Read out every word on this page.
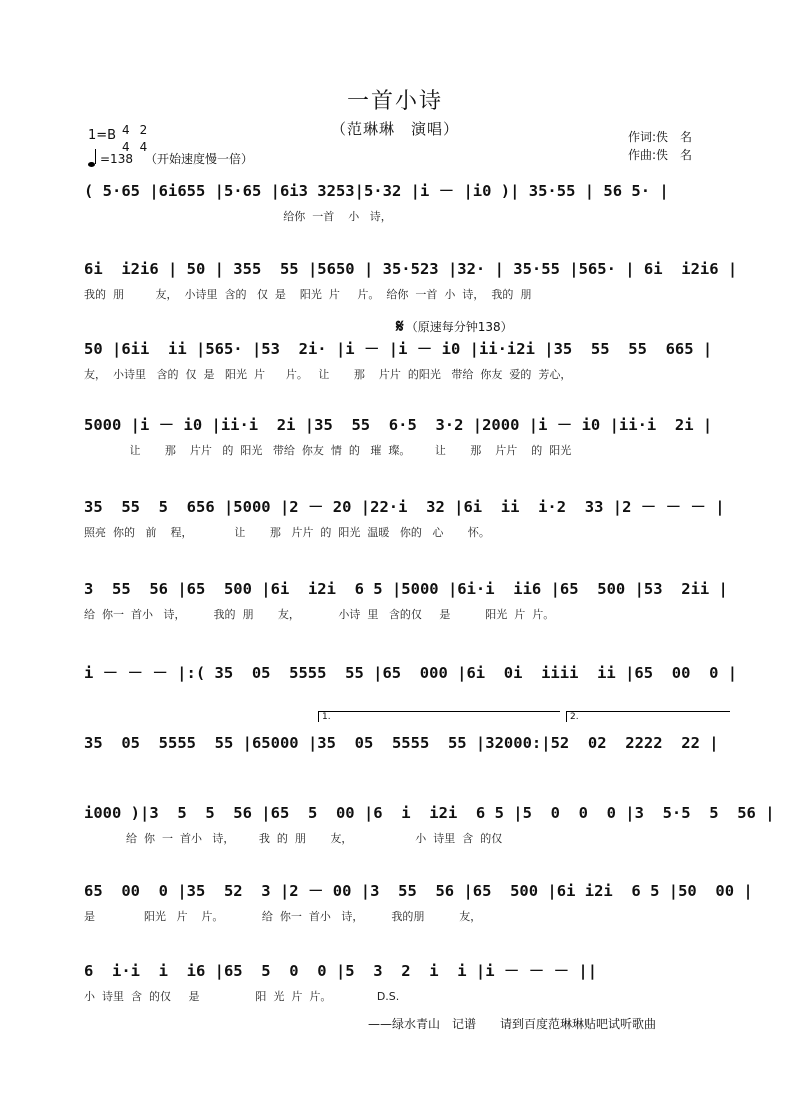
一首小诗
（范琳琳　演唱）
1=B 4
4
2
4
=138 （开始速度慢一倍）
作词:佚　名
作曲:佚　名
𝄋 （原速每分钟138）
( 5·65 |6i655 |5·65 |6i3 3253|5·32 |i － |i0 )| 35·55 | 56 5· |
给你  一首    小   诗，
6i  i2i6 | 50 | 355  55 |5650 | 35·523 |32· | 35·55 |565· | 6i  i2i6 |
我的  朋         友，  小诗里  含的   仅  是    阳光  片     片。  给你  一首  小  诗，  我的  朋
50 |6ii  ii |565· |53  2i· |i － |i － i0 |ii·i2i |35  55  55  665 |
友，  小诗里   含的  仅  是   阳光  片      片。   让       那    片片  的阳光   带给  你友  爱的  芳心，
5000 |i － i0 |ii·i  2i |35  55  6·5  3·2 |2000 |i － i0 |ii·i  2i |
让       那    片片   的  阳光   带给  你友  情  的   璀  璨。       让       那    片片    的  阳光
35  55  5  656 |5000 |2 － 20 |22·i  32 |6i  ii  i·2  33 |2 － － － |
照亮  你的   前    程，            让       那   片片  的  阳光  温暖   你的   心       怀。
3  55  56 |65  500 |6i  i2i  6 5 |5000 |6i·i  ii6 |65  500 |53  2ii |
给  你一  首小   诗，        我的  朋       友，           小诗  里   含的仅     是          阳光  片  片。
i － － － |:( 35  05  5555  55 |65  000 |6i  0i  iiii  ii |65  00  0 |
1.	2.
35  05  5555  55 |65000 |35  05  5555  55 |32000:|52  02  2222  22 |
i000 )|3  5  5  56 |65  5  00 |6  i  i2i  6 5 |5  0  0  0 |3  5·5  5  56 |
给  你  一  首小   诗，       我  的  朋       友，                  小  诗里  含  的仅
65  00  0 |35  52  3 |2 － 00 |3  55  56 |65  500 |6i i2i  6 5 |50  00 |
是              阳光   片    片。           给  你一  首小   诗，        我的朋          友，
6  i·i  i  i6 |65  5  0  0 |5  3  2  i  i |i － － － ||
小  诗里  含  的仅     是                阳  光  片  片。             D.S.
——绿水青山　记谱　　请到百度范琳琳贴吧试听歌曲
